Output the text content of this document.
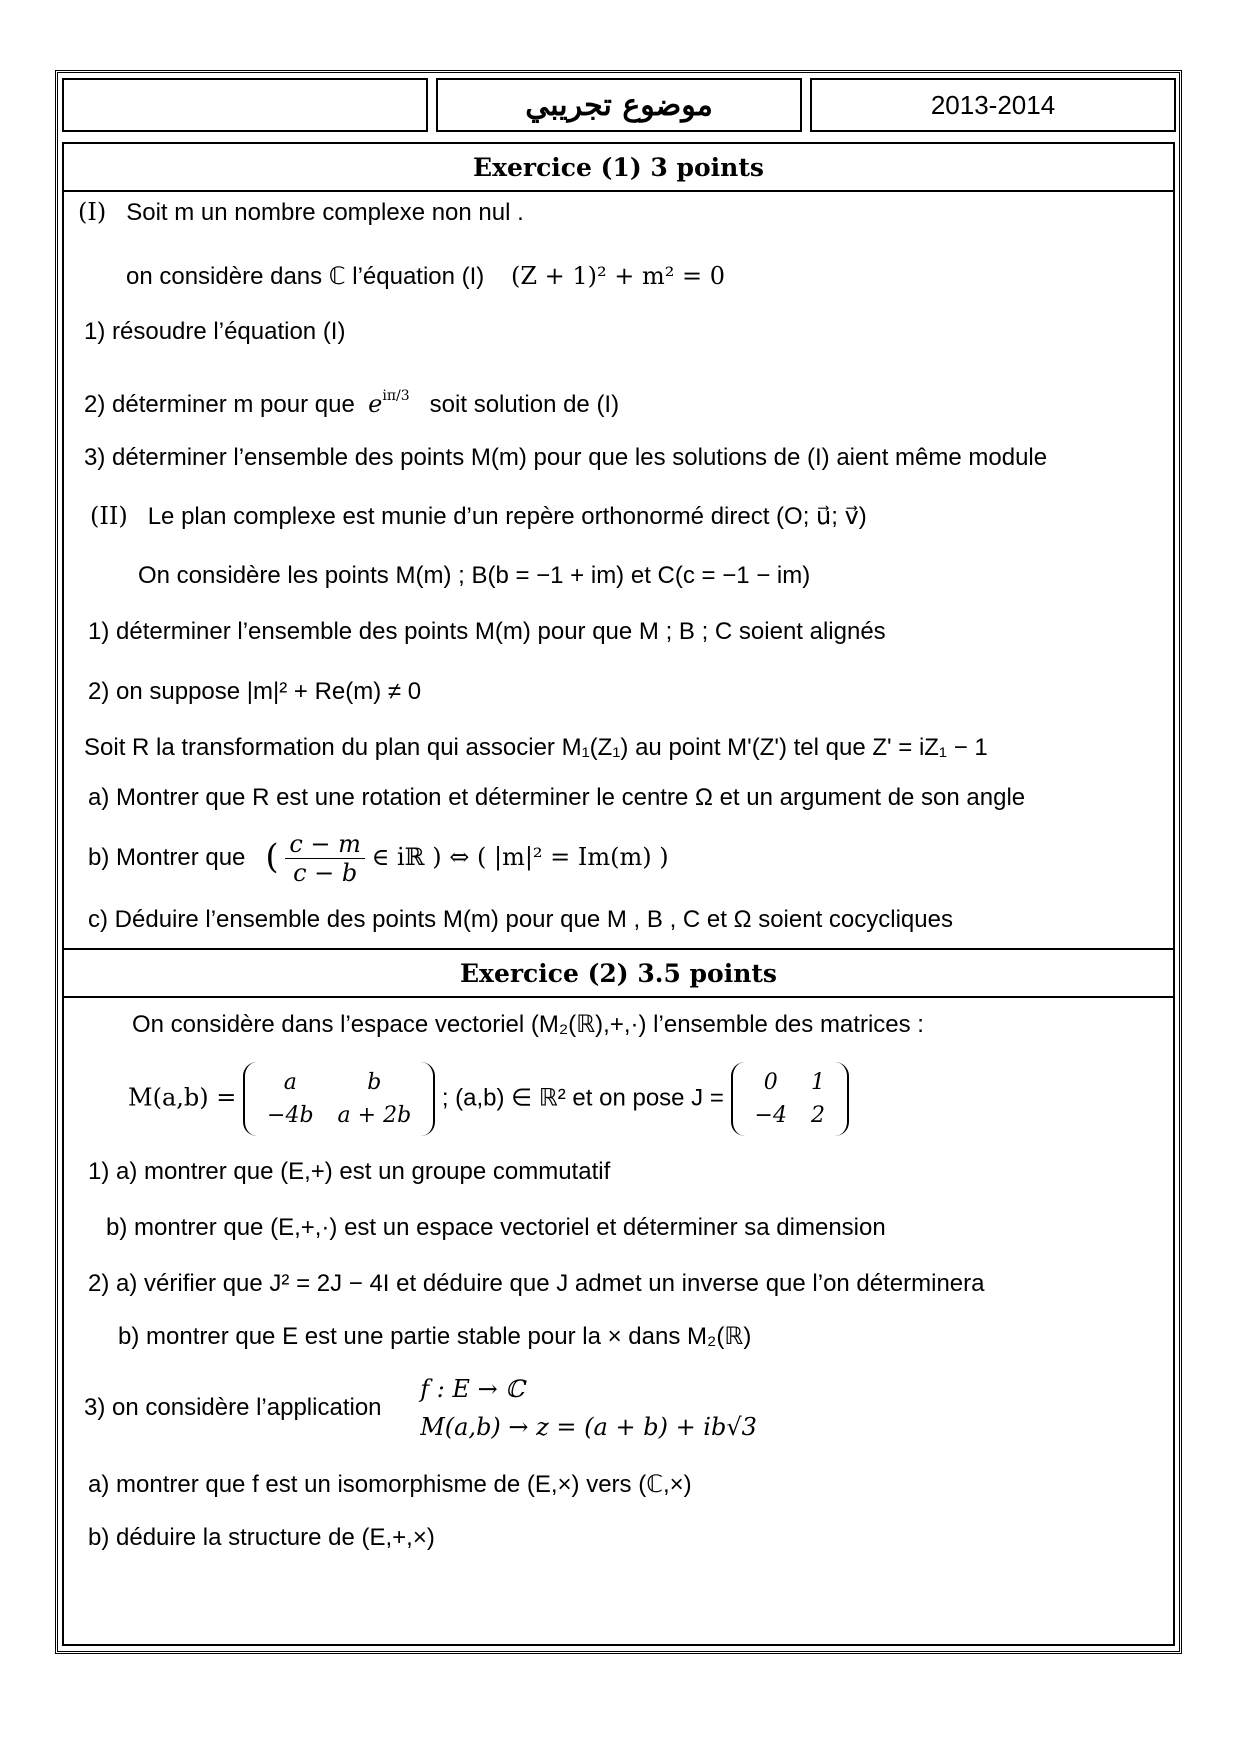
موضوع تجريبي	2013-2014
Exercice (1) 3 points
(I) Soit m un nombre complexe non nul .
on considère dans ℂ l’équation (I) (Z + 1)² + m² = 0
1) résoudre l’équation (I)
2) déterminer m pour que $e^{i\pi/3}$ soit solution de (I)
3) déterminer l’ensemble des points M(m) pour que les solutions de (I) aient même module
(II) Le plan complexe est munie d’un repère orthonormé direct (O; u⃗; v⃗)
On considère les points M(m) ; B(b = −1 + im) et C(c = −1 − im)
1) déterminer l’ensemble des points M(m) pour que M ; B ; C soient alignés
2) on suppose |m|² + Re(m) ≠ 0
Soit R la transformation du plan qui associer M₁(Z₁) au point M'(Z') tel que Z' = iZ₁ − 1
a) Montrer que R est une rotation et déterminer le centre Ω et un argument de son angle
b) Montrer que ( $\frac{c - m}{c - b}$ ∈ iℝ ) ⇔ ( |m|² = Im(m) )
c) Déduire l’ensemble des points M(m) pour que M , B , C et Ω soient cocycliques
Exercice (2) 3.5 points
On considère dans l’espace vectoriel (M₂(ℝ),+,·) l’ensemble des matrices :
M(a,b) =
a	b
−4b	a + 2b
; (a,b) ∈ ℝ² et on pose J =
0	1
−4	2
1) a) montrer que (E,+) est un groupe commutatif
b) montrer que (E,+,·) est un espace vectoriel et déterminer sa dimension
2) a) vérifier que J² = 2J − 4I et déduire que J admet un inverse que l’on déterminera
b) montrer que E est une partie stable pour la × dans M₂(ℝ)
3) on considère l’application
f : E → ℂ
M(a,b) → z = (a + b) + ib√3
a) montrer que f est un isomorphisme de (E,×) vers (ℂ,×)
b) déduire la structure de (E,+,×)
